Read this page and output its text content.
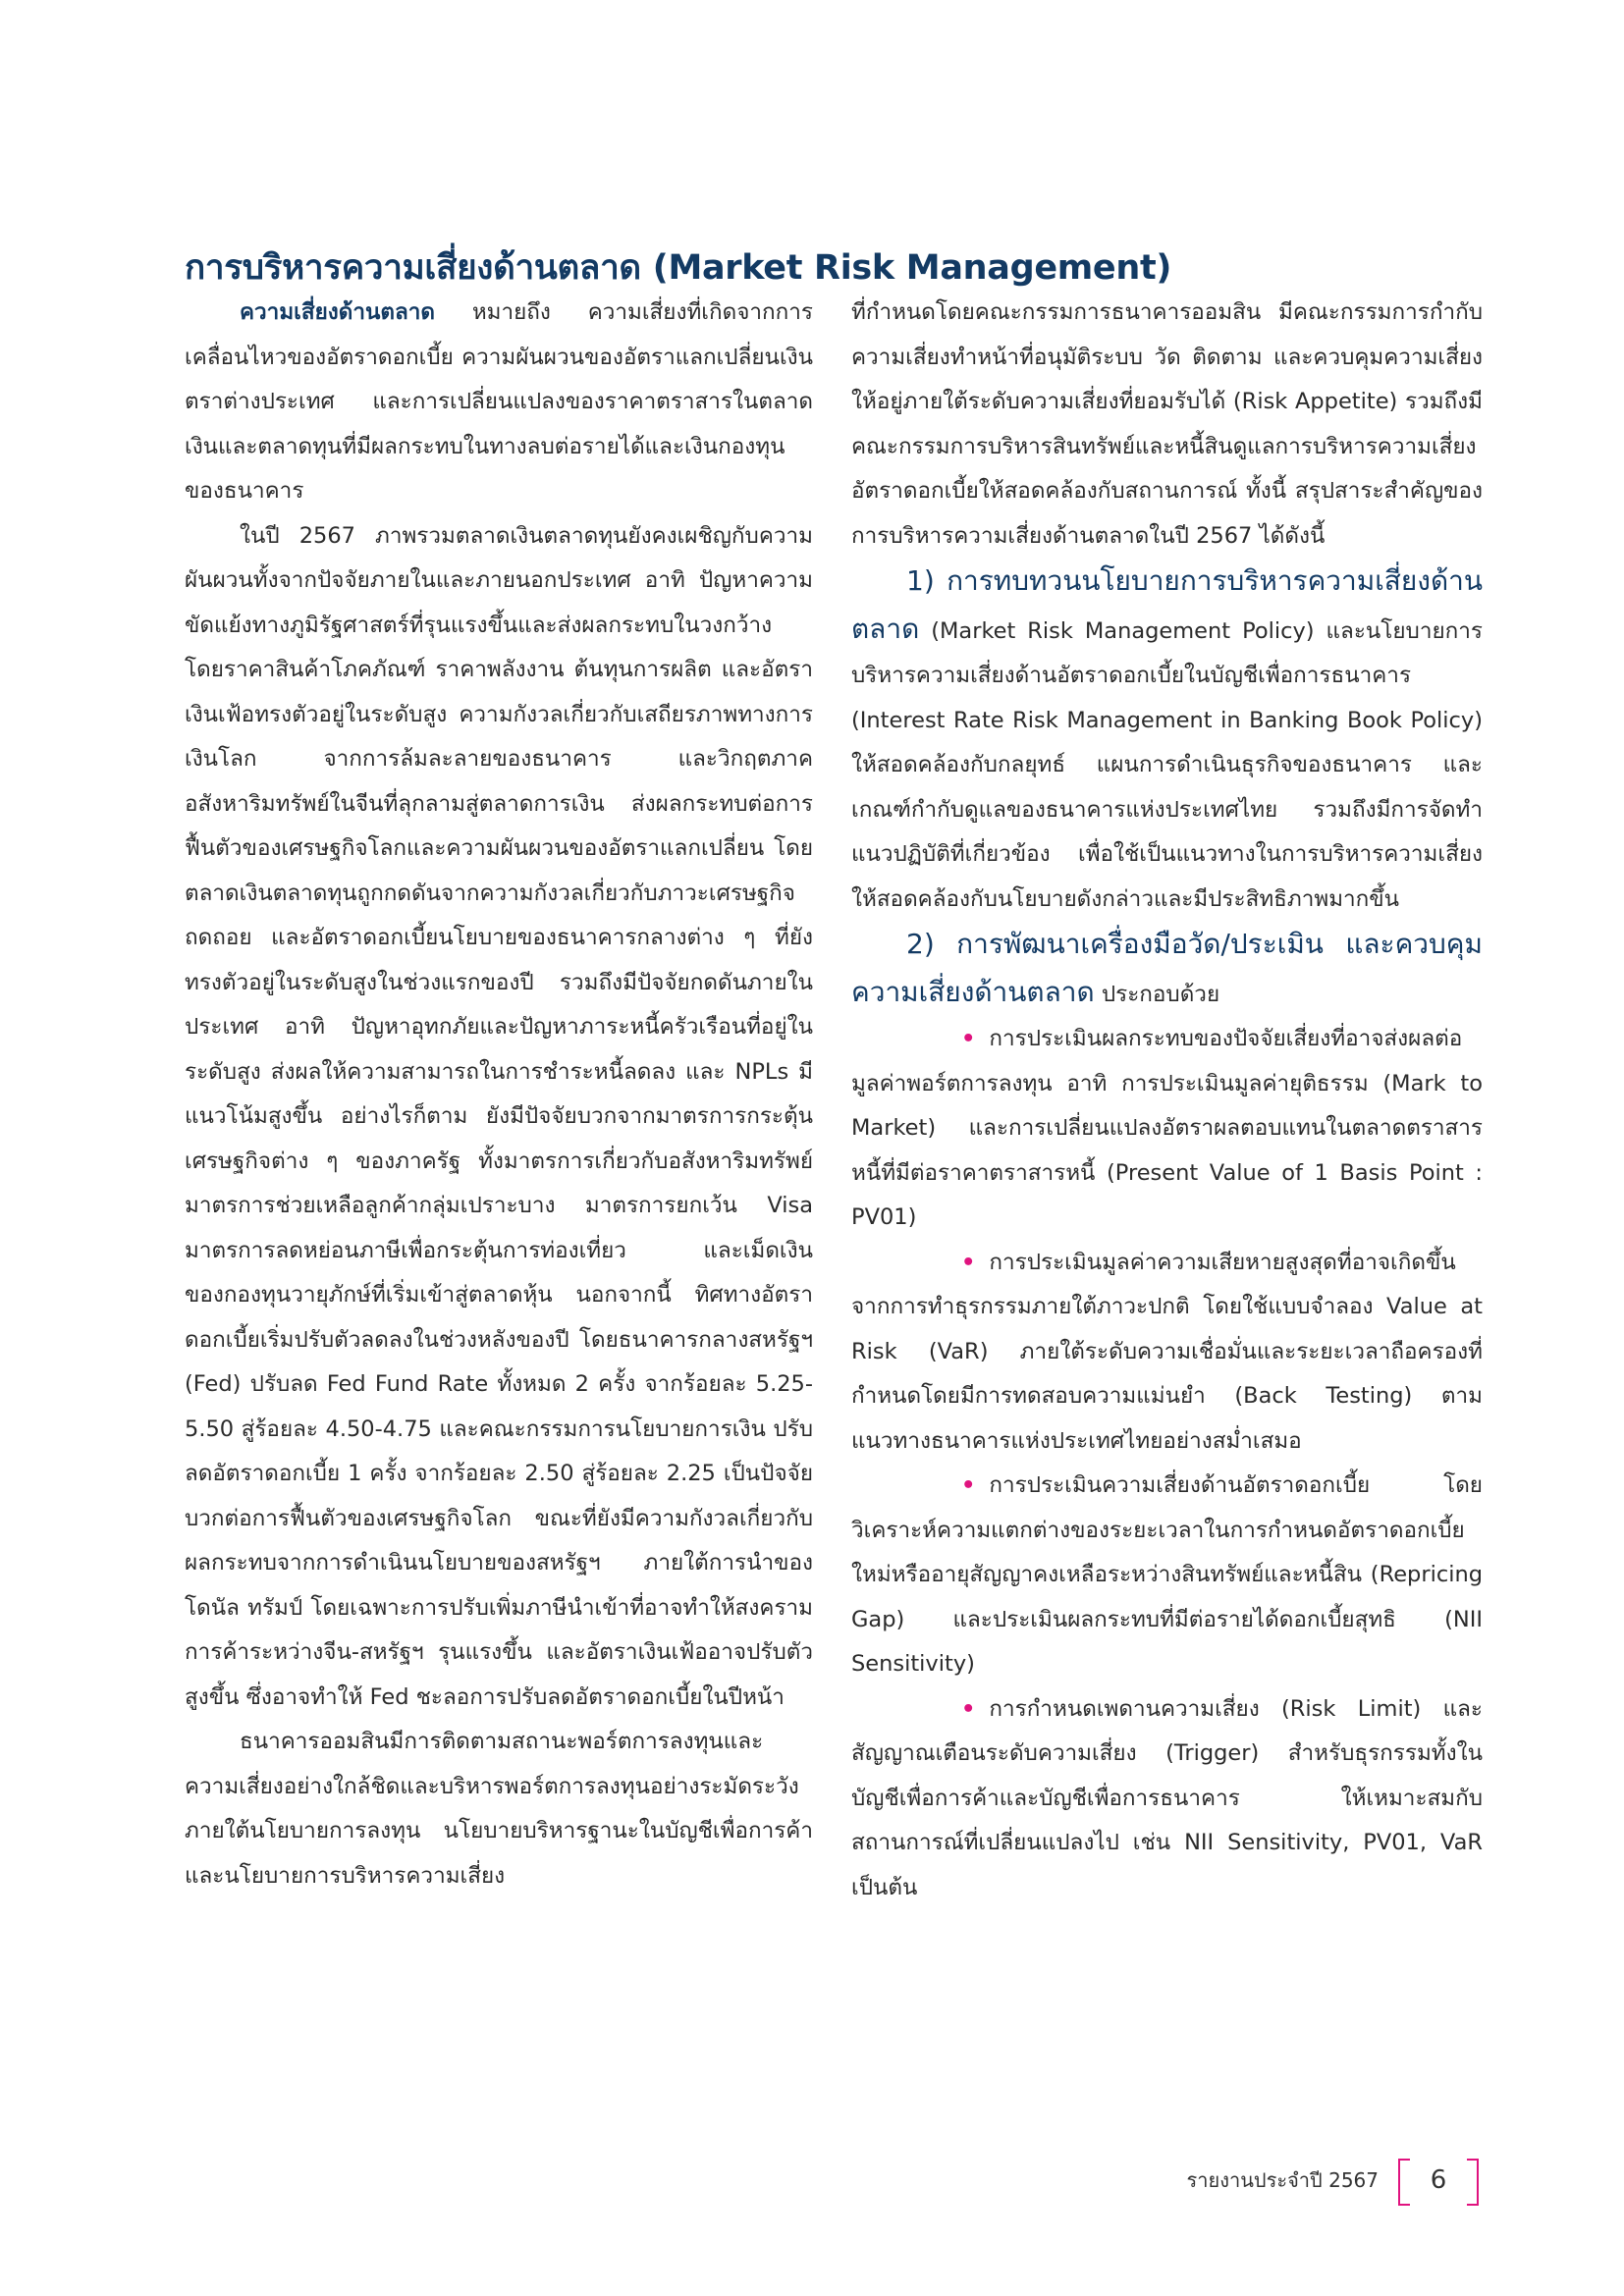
การบริหารความเสี่ยงด้านตลาด (Market Risk Management)

ความเสี่ยงด้านตลาด หมายถึง ความเสี่ยงที่เกิดจากการเคลื่อนไหวของอัตราดอกเบี้ย ความผันผวนของอัตราแลกเปลี่ยนเงินตราต่างประเทศ และการเปลี่ยนแปลงของราคาตราสารในตลาดเงินและตลาดทุนที่มีผลกระทบในทางลบต่อรายได้และเงินกองทุนของธนาคาร

ในปี 2567 ภาพรวมตลาดเงินตลาดทุนยังคงเผชิญกับความผันผวนทั้งจากปัจจัยภายในและภายนอกประเทศ อาทิ ปัญหาความขัดแย้งทางภูมิรัฐศาสตร์ที่รุนแรงขึ้นและส่งผลกระทบในวงกว้าง โดยราคาสินค้าโภคภัณฑ์ ราคาพลังงาน ต้นทุนการผลิต และอัตราเงินเฟ้อทรงตัวอยู่ในระดับสูง ความกังวลเกี่ยวกับเสถียรภาพทางการเงินโลก จากการล้มละลายของธนาคาร และวิกฤตภาคอสังหาริมทรัพย์ในจีนที่ลุกลามสู่ตลาดการเงิน ส่งผลกระทบต่อการฟื้นตัวของเศรษฐกิจโลกและความผันผวนของอัตราแลกเปลี่ยน โดยตลาดเงินตลาดทุนถูกกดดันจากความกังวลเกี่ยวกับภาวะเศรษฐกิจถดถอย และอัตราดอกเบี้ยนโยบายของธนาคารกลางต่าง ๆ ที่ยังทรงตัวอยู่ในระดับสูงในช่วงแรกของปี รวมถึงมีปัจจัยกดดันภายในประเทศ อาทิ ปัญหาอุทกภัยและปัญหาภาระหนี้ครัวเรือนที่อยู่ในระดับสูง ส่งผลให้ความสามารถในการชำระหนี้ลดลง และ NPLs มีแนวโน้มสูงขึ้น อย่างไรก็ตาม ยังมีปัจจัยบวกจากมาตรการกระตุ้นเศรษฐกิจต่าง ๆ ของภาครัฐ ทั้งมาตรการเกี่ยวกับอสังหาริมทรัพย์ มาตรการช่วยเหลือลูกค้ากลุ่มเปราะบาง มาตรการยกเว้น Visa มาตรการลดหย่อนภาษีเพื่อกระตุ้นการท่องเที่ยว และเม็ดเงินของกองทุนวายุภักษ์ที่เริ่มเข้าสู่ตลาดหุ้น นอกจากนี้ ทิศทางอัตราดอกเบี้ยเริ่มปรับตัวลดลงในช่วงหลังของปี โดยธนาคารกลางสหรัฐฯ (Fed) ปรับลด Fed Fund Rate ทั้งหมด 2 ครั้ง จากร้อยละ 5.25-5.50 สู่ร้อยละ 4.50-4.75 และคณะกรรมการนโยบายการเงิน ปรับลดอัตราดอกเบี้ย 1 ครั้ง จากร้อยละ 2.50 สู่ร้อยละ 2.25 เป็นปัจจัยบวกต่อการฟื้นตัวของเศรษฐกิจโลก ขณะที่ยังมีความกังวลเกี่ยวกับผลกระทบจากการดำเนินนโยบายของสหรัฐฯ ภายใต้การนำของโดนัล ทรัมป์ โดยเฉพาะการปรับเพิ่มภาษีนำเข้าที่อาจทำให้สงครามการค้าระหว่างจีน-สหรัฐฯ รุนแรงขึ้น และอัตราเงินเฟ้ออาจปรับตัวสูงขึ้น ซึ่งอาจทำให้ Fed ชะลอการปรับลดอัตราดอกเบี้ยในปีหน้า

ธนาคารออมสินมีการติดตามสถานะพอร์ตการลงทุนและความเสี่ยงอย่างใกล้ชิดและบริหารพอร์ตการลงทุนอย่างระมัดระวังภายใต้นโยบายการลงทุน นโยบายบริหารฐานะในบัญชีเพื่อการค้า และนโยบายการบริหารความเสี่ยง

ที่กำหนดโดยคณะกรรมการธนาคารออมสิน มีคณะกรรมการกำกับความเสี่ยงทำหน้าที่อนุมัติระบบ วัด ติดตาม และควบคุมความเสี่ยงให้อยู่ภายใต้ระดับความเสี่ยงที่ยอมรับได้ (Risk Appetite) รวมถึงมีคณะกรรมการบริหารสินทรัพย์และหนี้สินดูแลการบริหารความเสี่ยงอัตราดอกเบี้ยให้สอดคล้องกับสถานการณ์ ทั้งนี้ สรุปสาระสำคัญของการบริหารความเสี่ยงด้านตลาดในปี 2567 ได้ดังนี้

1) การทบทวนนโยบายการบริหารความเสี่ยงด้านตลาด (Market Risk Management Policy) และนโยบายการบริหารความเสี่ยงด้านอัตราดอกเบี้ยในบัญชีเพื่อการธนาคาร (Interest Rate Risk Management in Banking Book Policy) ให้สอดคล้องกับกลยุทธ์ แผนการดำเนินธุรกิจของธนาคาร และเกณฑ์กำกับดูแลของธนาคารแห่งประเทศไทย รวมถึงมีการจัดทำแนวปฏิบัติที่เกี่ยวข้อง เพื่อใช้เป็นแนวทางในการบริหารความเสี่ยงให้สอดคล้องกับนโยบายดังกล่าวและมีประสิทธิภาพมากขึ้น

2) การพัฒนาเครื่องมือวัด/ประเมิน และควบคุมความเสี่ยงด้านตลาด ประกอบด้วย

• การประเมินผลกระทบของปัจจัยเสี่ยงที่อาจส่งผลต่อมูลค่าพอร์ตการลงทุน อาทิ การประเมินมูลค่ายุติธรรม (Mark to Market) และการเปลี่ยนแปลงอัตราผลตอบแทนในตลาดตราสารหนี้ที่มีต่อราคาตราสารหนี้ (Present Value of 1 Basis Point : PV01)

• การประเมินมูลค่าความเสียหายสูงสุดที่อาจเกิดขึ้นจากการทำธุรกรรมภายใต้ภาวะปกติ โดยใช้แบบจำลอง Value at Risk (VaR) ภายใต้ระดับความเชื่อมั่นและระยะเวลาถือครองที่กำหนดโดยมีการทดสอบความแม่นยำ (Back Testing) ตามแนวทางธนาคารแห่งประเทศไทยอย่างสม่ำเสมอ

• การประเมินความเสี่ยงด้านอัตราดอกเบี้ย โดยวิเคราะห์ความแตกต่างของระยะเวลาในการกำหนดอัตราดอกเบี้ยใหม่หรืออายุสัญญาคงเหลือระหว่างสินทรัพย์และหนี้สิน (Repricing Gap) และประเมินผลกระทบที่มีต่อรายได้ดอกเบี้ยสุทธิ (NII Sensitivity)

• การกำหนดเพดานความเสี่ยง (Risk Limit) และสัญญาณเตือนระดับความเสี่ยง (Trigger) สำหรับธุรกรรมทั้งในบัญชีเพื่อการค้าและบัญชีเพื่อการธนาคาร ให้เหมาะสมกับสถานการณ์ที่เปลี่ยนแปลงไป เช่น NII Sensitivity, PV01, VaR เป็นต้น

รายงานประจำปี 2567 6
